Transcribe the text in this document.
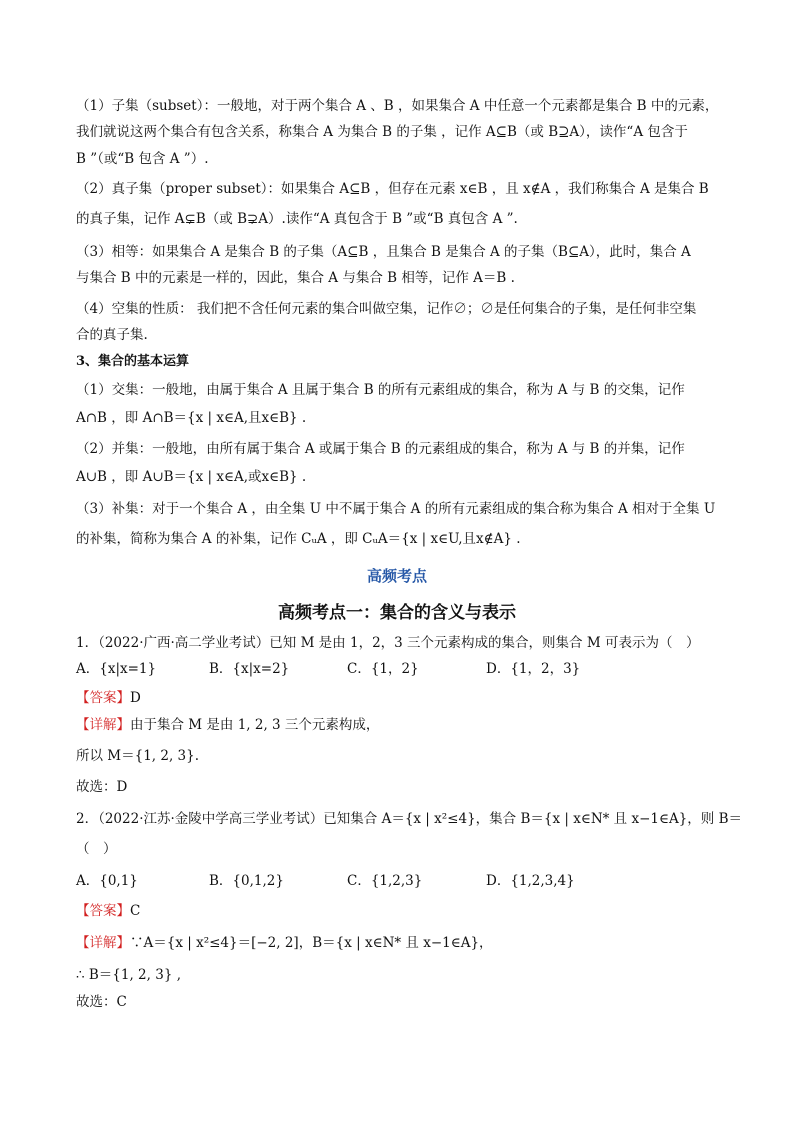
（1）子集（subset）：一般地，对于两个集合 A 、B ，如果集合 A 中任意一个元素都是集合 B 中的元素，
我们就说这两个集合有包含关系，称集合 A 为集合 B 的子集 ，记作 A⊆B（或 B⊇A），读作“A 包含于
B ”（或“B 包含 A ”）.
（2）真子集（proper subset）：如果集合 A⊆B ，但存在元素 x∈B ，且 x∉A ，我们称集合 A 是集合 B
的真子集，记作 A⊊B（或 B⊋A）.读作“A 真包含于 B ”或“B 真包含 A ”.
（3）相等：如果集合 A 是集合 B 的子集（A⊆B ，且集合 B 是集合 A 的子集（B⊆A），此时，集合 A
与集合 B 中的元素是一样的，因此，集合 A 与集合 B 相等，记作 A＝B .
（4）空集的性质： 我们把不含任何元素的集合叫做空集，记作∅；∅是任何集合的子集，是任何非空集
合的真子集.
3、集合的基本运算
（1）交集：一般地，由属于集合 A 且属于集合 B 的所有元素组成的集合，称为 A 与 B 的交集，记作
A∩B ，即 A∩B＝{x | x∈A,且x∈B} .
（2）并集：一般地，由所有属于集合 A 或属于集合 B 的元素组成的集合，称为 A 与 B 的并集，记作
A∪B ，即 A∪B＝{x | x∈A,或x∈B} .
（3）补集：对于一个集合 A ，由全集 U 中不属于集合 A 的所有元素组成的集合称为集合 A 相对于全集 U
的补集，简称为集合 A 的补集，记作 CᵤA ，即 CᵤA＝{x | x∈U,且x∉A} .
高频考点
高频考点一：集合的含义与表示
1．（2022·广西·高二学业考试）已知 M 是由 1，2，3 三个元素构成的集合，则集合 M 可表示为（　）
A．{x|x=1}	B．{x|x=2}	C．{1，2}	D．{1，2，3}
【答案】D
【详解】由于集合 M 是由 1, 2, 3 三个元素构成，
所以 M＝{1, 2, 3}.
故选：D
2．（2022·江苏·金陵中学高三学业考试）已知集合 A＝{x | x²≤4}，集合 B＝{x | x∈N* 且 x−1∈A}，则 B＝
（　）
A．{0,1}	B．{0,1,2}	C．{1,2,3}	D．{1,2,3,4}
【答案】C
【详解】∵A＝{x | x²≤4}＝[−2, 2]，B＝{x | x∈N* 且 x−1∈A}，
∴ B＝{1, 2, 3} ,
故选：C
